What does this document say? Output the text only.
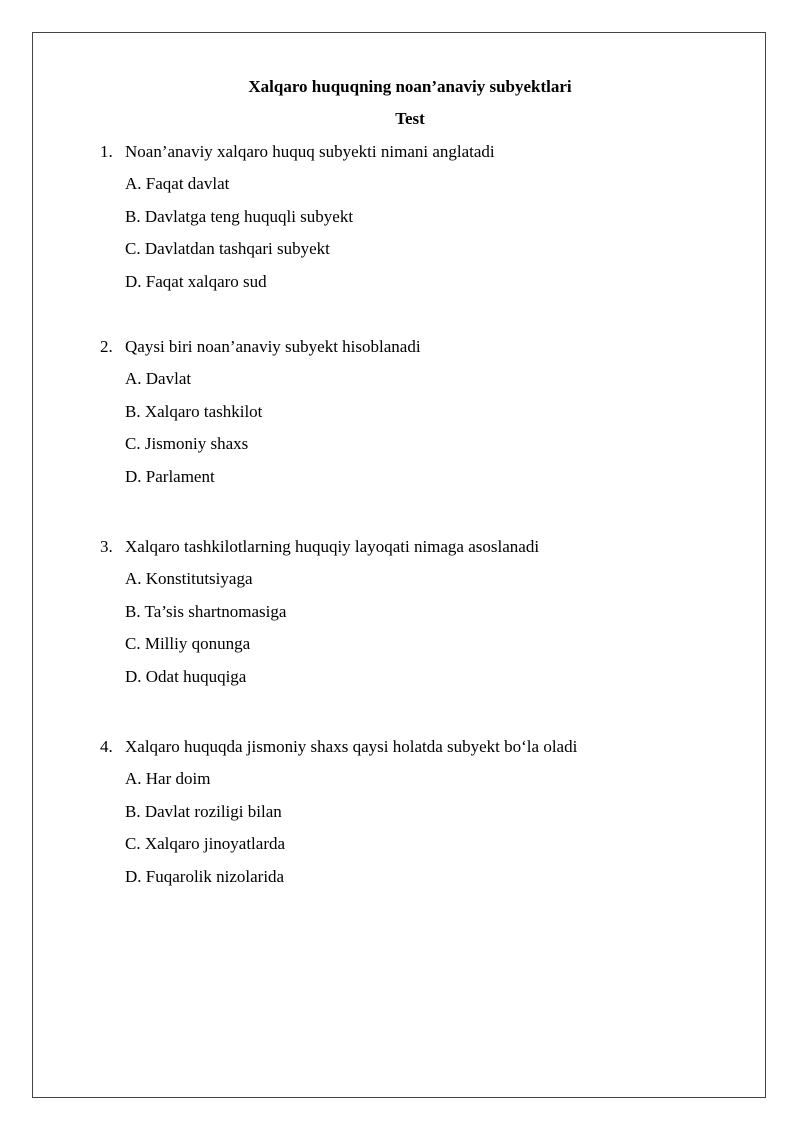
Xalqaro huquqning noan’anaviy subyektlari
Test
1. Noan’anaviy xalqaro huquq subyekti nimani anglatadi
A. Faqat davlat
B. Davlatga teng huquqli subyekt
C. Davlatdan tashqari subyekt
D. Faqat xalqaro sud
2. Qaysi biri noan’anaviy subyekt hisoblanadi
A. Davlat
B. Xalqaro tashkilot
C. Jismoniy shaxs
D. Parlament
3. Xalqaro tashkilotlarning huquqiy layoqati nimaga asoslanadi
A. Konstitutsiyaga
B. Ta’sis shartnomasiga
C. Milliy qonunga
D. Odat huquqiga
4. Xalqaro huquqda jismoniy shaxs qaysi holatda subyekt bo‘la oladi
A. Har doim
B. Davlat roziligi bilan
C. Xalqaro jinoyatlarda
D. Fuqarolik nizolarida
